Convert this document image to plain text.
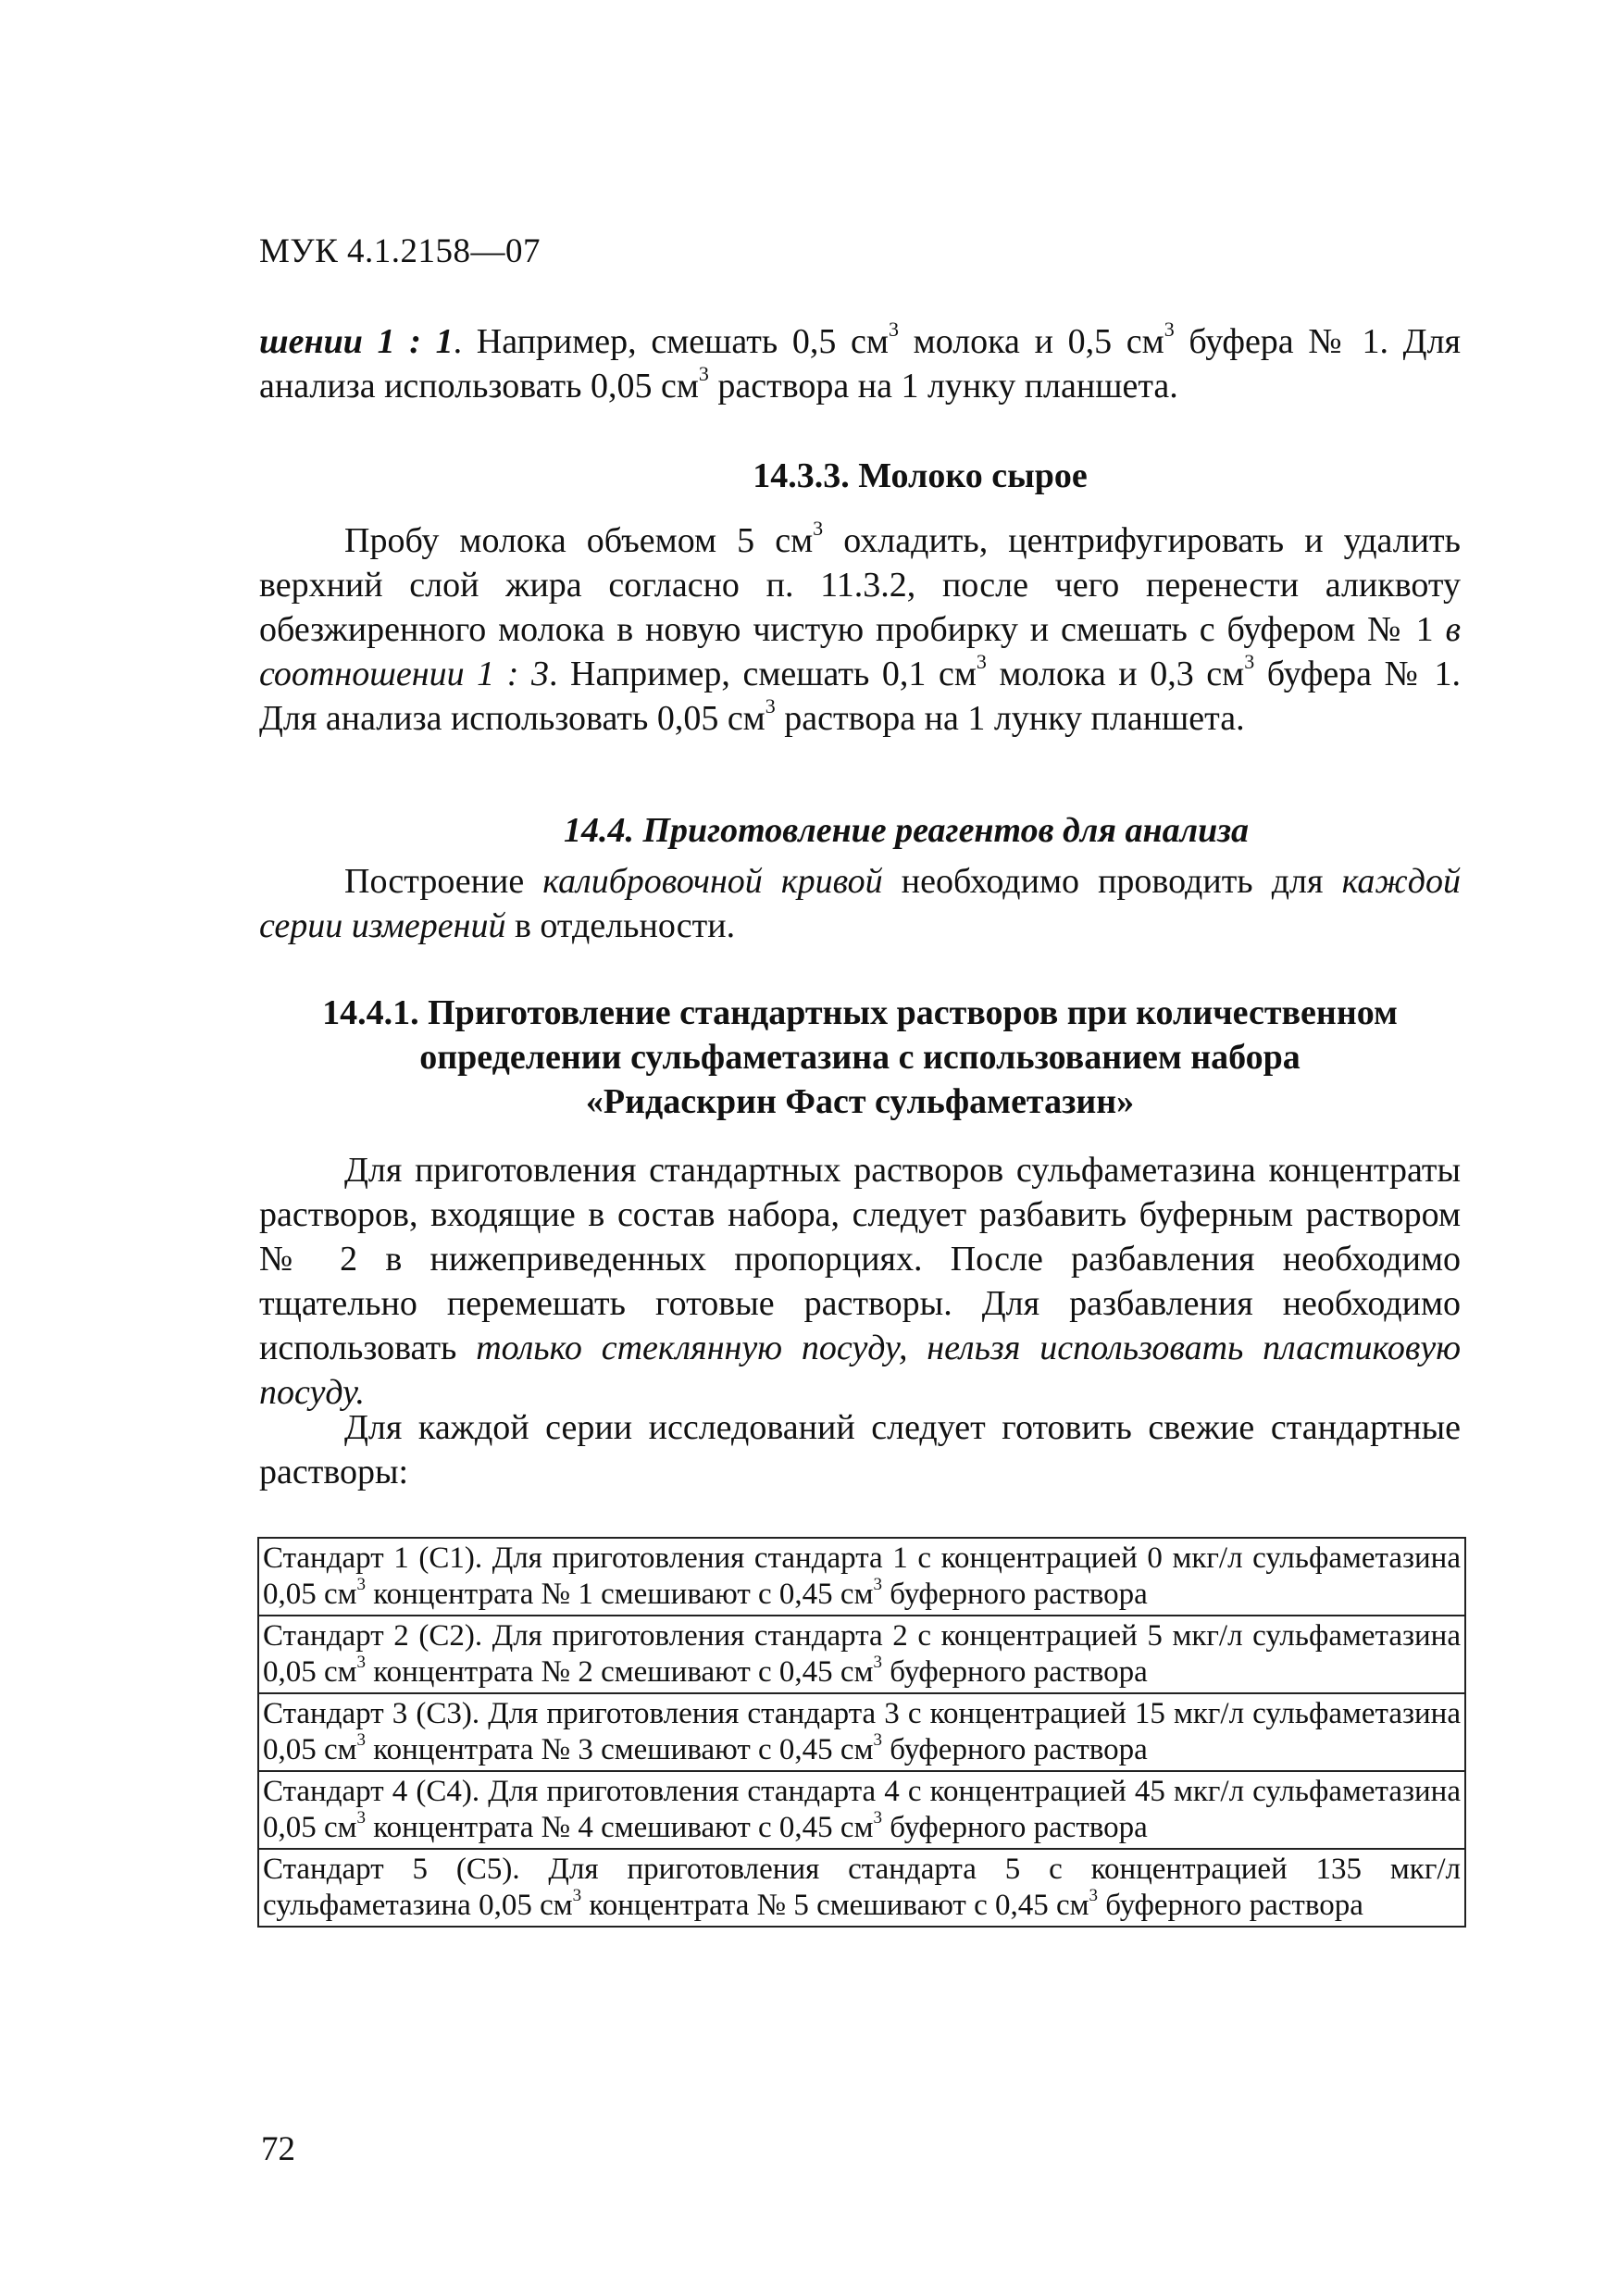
МУК 4.1.2158—07

шении 1 : 1. Например, смешать 0,5 $см^3$ молока и 0,5 $см^3$ буфера № 1. Для анализа использовать 0,05 $см^3$ раствора на 1 лунку планшета.

14.3.3. Молоко сырое

Пробу молока объемом 5 $см^3$ охладить, центрифугировать и удалить верхний слой жира согласно п. 11.3.2, после чего перенести аликвоту обезжиренного молока в новую чистую пробирку и смешать с буфером № 1 в соотношении 1 : 3. Например, смешать 0,1 $см^3$ молока и 0,3 $см^3$ буфера № 1. Для анализа использовать 0,05 $см^3$ раствора на 1 лунку планшета.

14.4. Приготовление реагентов для анализа

Построение калибровочной кривой необходимо проводить для каждой серии измерений в отдельности.

14.4.1. Приготовление стандартных растворов при количественном
определении сульфаметазина с использованием набора
«Ридаскрин Фаст сульфаметазин»

Для приготовления стандартных растворов сульфаметазина концентраты растворов, входящие в состав набора, следует разбавить буферным раствором № 2 в нижеприведенных пропорциях. После разбавления необходимо тщательно перемешать готовые растворы. Для разбавления необходимо использовать только стеклянную посуду, нельзя использовать пластиковую посуду.

Для каждой серии исследований следует готовить свежие стандартные растворы:

Стандарт 1 (С1). Для приготовления стандарта 1 с концентрацией 0 мкг/л сульфаметазина 0,05 $см^3$ концентрата № 1 смешивают с 0,45 $см^3$ буферного раствора
Стандарт 2 (С2). Для приготовления стандарта 2 с концентрацией 5 мкг/л сульфаметазина 0,05 $см^3$ концентрата № 2 смешивают с 0,45 $см^3$ буферного раствора
Стандарт 3 (С3). Для приготовления стандарта 3 с концентрацией 15 мкг/л сульфаметазина 0,05 $см^3$ концентрата № 3 смешивают с 0,45 $см^3$ буферного раствора
Стандарт 4 (С4). Для приготовления стандарта 4 с концентрацией 45 мкг/л сульфаметазина 0,05 $см^3$ концентрата № 4 смешивают с 0,45 $см^3$ буферного раствора
Стандарт 5 (С5). Для приготовления стандарта 5 с концентрацией 135 мкг/л сульфаметазина 0,05 $см^3$ концентрата № 5 смешивают с 0,45 $см^3$ буферного раствора
72
